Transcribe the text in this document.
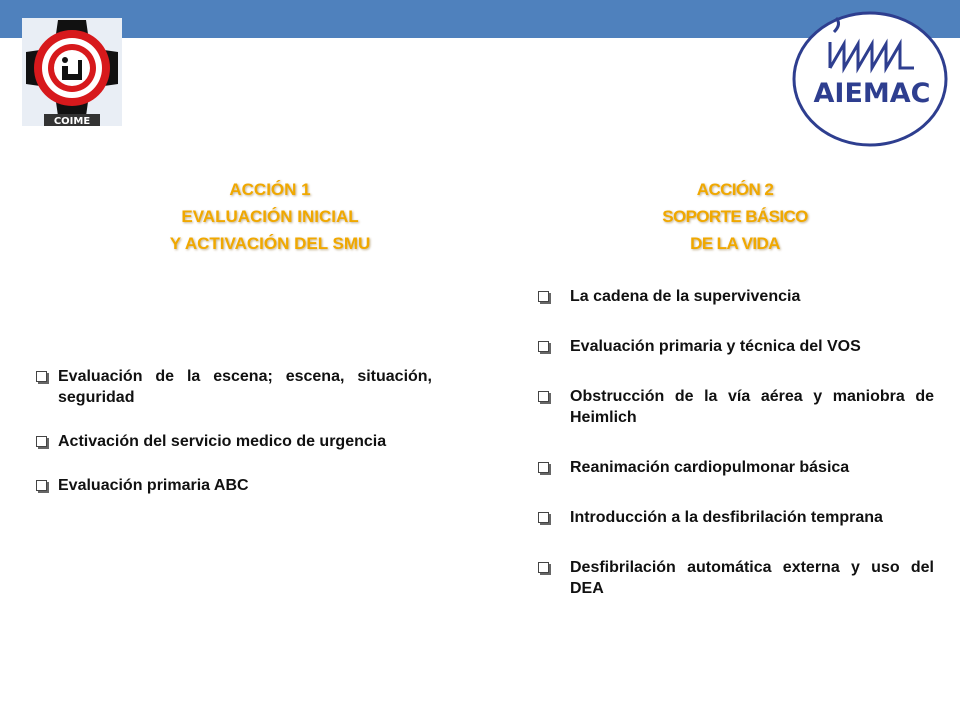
COIME
AIEMAC
ACCIÓN 1
EVALUACIÓN INICIAL
Y ACTIVACIÓN DEL SMU
ACCIÓN 2
SOPORTE BÁSICO
DE LA VIDA
Evaluación de la escena; escena, situación, seguridad
Activación del servicio medico de urgencia
Evaluación primaria ABC
La cadena de la supervivencia
Evaluación primaria y técnica del VOS
Obstrucción de la vía aérea y maniobra de Heimlich
Reanimación cardiopulmonar básica
Introducción a la desfibrilación temprana
Desfibrilación automática externa y uso del DEA
